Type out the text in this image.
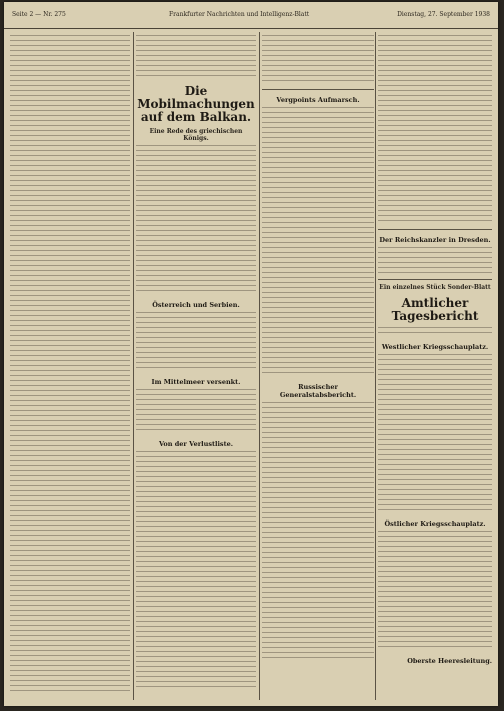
Seite 2 — Nr. 275	Frankfurter Nachrichten und Intelligenz-Blatt	Dienstag, 27. September 1938
Die Mobilmachungen auf dem Balkan.
Eine Rede des griechischen Königs.
Österreich und Serbien.
Im Mittelmeer versenkt.
Von der Verlustliste.
Vergpoints Aufmarsch.
Russischer Generalstabsbericht.
Der Reichskanzler in Dresden.
Ein einzelnes Stück Sonder-Blatt
Amtlicher Tagesbericht
Westlicher Kriegsschauplatz.
Östlicher Kriegsschauplatz.
Oberste Heeresleitung.
